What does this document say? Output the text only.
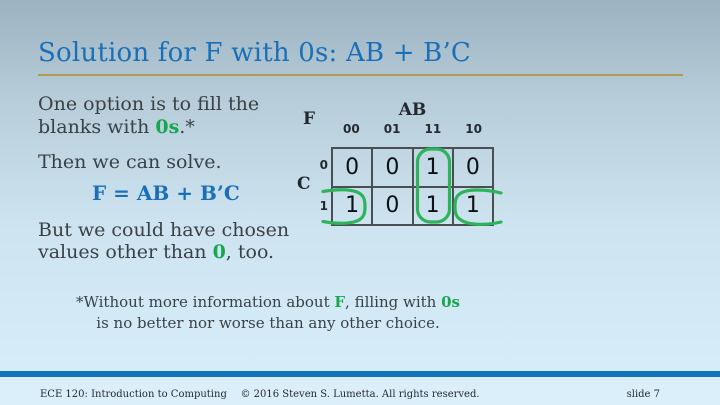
Solution for F with 0s: AB + B’C
One option is to fill the
blanks with 0s.*
Then we can solve.
F = AB + B’C
But we could have chosen
values other than 0, too.
AB
F
C
00	01	11	10
0
1
0	0	1	0
1	0	1	1
*Without more information about F, filling with 0s
is no better nor worse than any other choice.
ECE 120: Introduction to Computing	© 2016 Steven S. Lumetta. All rights reserved.	slide 7
